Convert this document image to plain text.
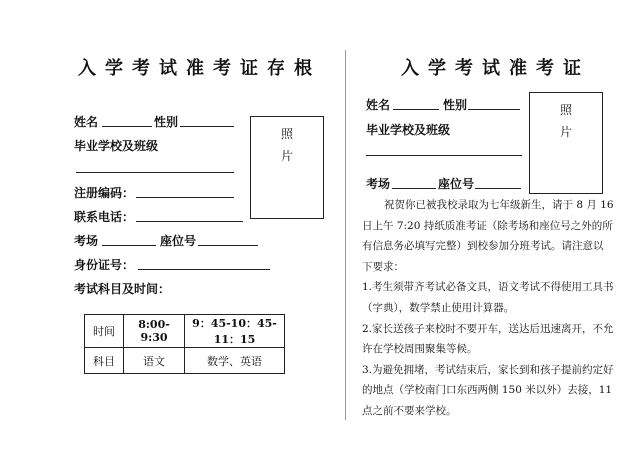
入学考试准考证存根
姓名	性别
毕业学校及班级
照
片
注册编码：
联系电话：
考场	座位号
身份证号：
考试科目及时间：
时间	8:00-9:30	9：45-10：45-11：15
科目	语文	数学、英语
入学考试准考证
姓名	性别
毕业学校及班级
照
片
考场	座位号
祝贺你已被我校录取为七年级新生，请于 8 月 16
日上午 7:20 持纸质准考证（除考场和座位号之外的所
有信息务必填写完整）到校参加分班考试。请注意以
下要求：
1.考生须带齐考试必备文具，语文考试不得使用工具书
（字典），数学禁止使用计算器。
2.家长送孩子来校时不要开车，送达后迅速离开，不允
许在学校周围聚集等候。
3.为避免拥堵，考试结束后，家长到和孩子提前约定好
的地点（学校南门口东西两侧 150 米以外）去接，11
点之前不要来学校。
